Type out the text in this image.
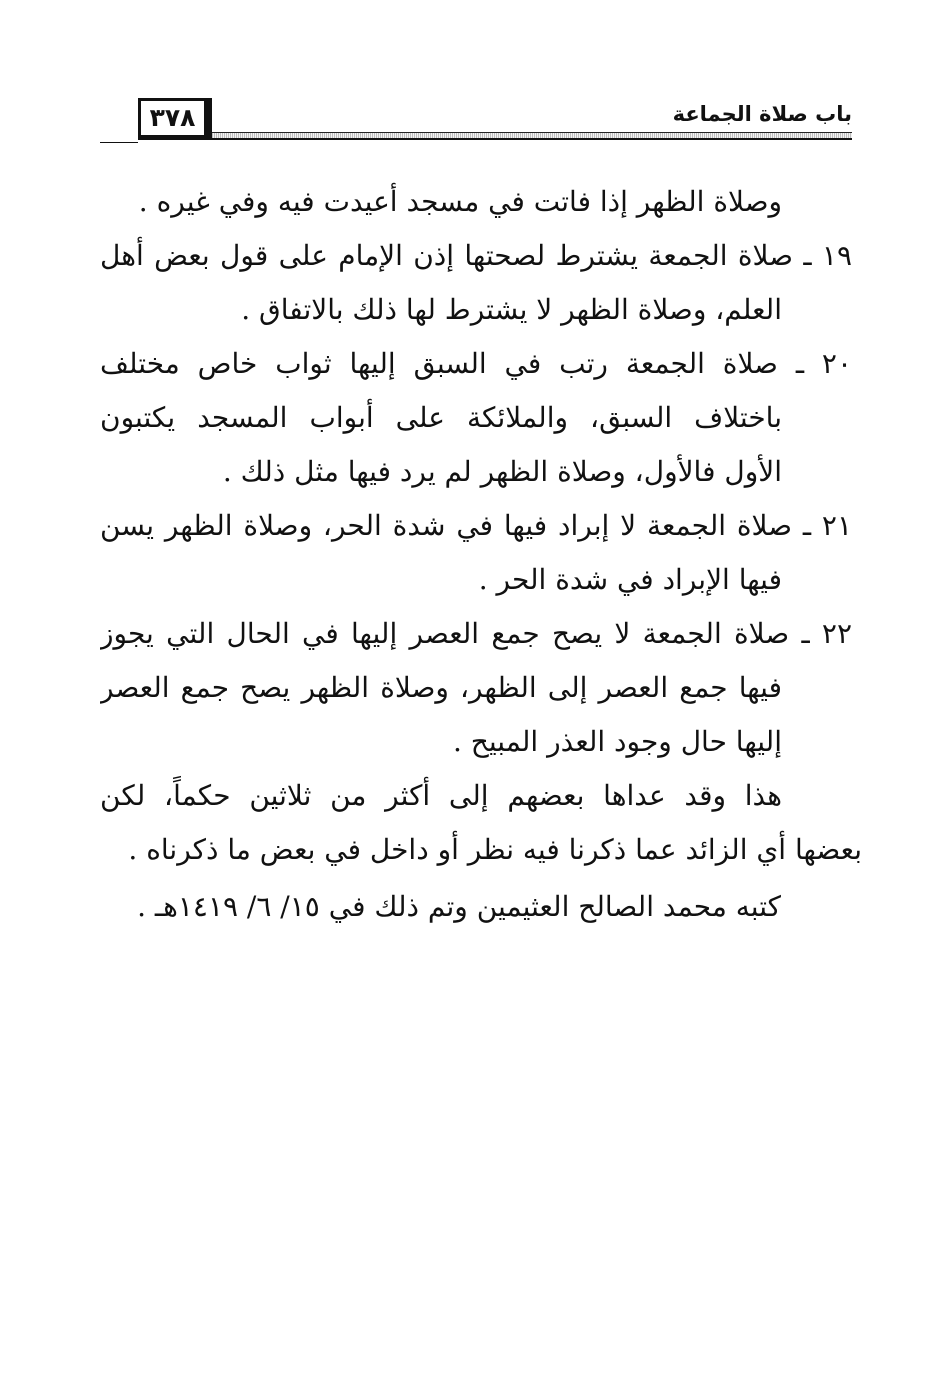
٣٧٨	باب صلاة الجماعة
وصلاة الظهر إذا فاتت في مسجد أعيدت فيه وفي غيره .
١٩ ـ صلاة الجمعة يشترط لصحتها إذن الإمام على قول بعض أهل
العلم، وصلاة الظهر لا يشترط لها ذلك بالاتفاق .
٢٠ ـ صلاة الجمعة رتب في السبق إليها ثواب خاص مختلف
باختلاف السبق، والملائكة على أبواب المسجد يكتبون
الأول فالأول، وصلاة الظهر لم يرد فيها مثل ذلك .
٢١ ـ صلاة الجمعة لا إبراد فيها في شدة الحر، وصلاة الظهر يسن
فيها الإبراد في شدة الحر .
٢٢ ـ صلاة الجمعة لا يصح جمع العصر إليها في الحال التي يجوز
فيها جمع العصر إلى الظهر، وصلاة الظهر يصح جمع العصر
إليها حال وجود العذر المبيح .
هذا وقد عداها بعضهم إلى أكثر من ثلاثين حكماً، لكن
بعضها أي الزائد عما ذكرنا فيه نظر أو داخل في بعض ما ذكرناه .
كتبه محمد الصالح العثيمين وتم ذلك في ١٥/ ٦/ ١٤١٩هـ .
